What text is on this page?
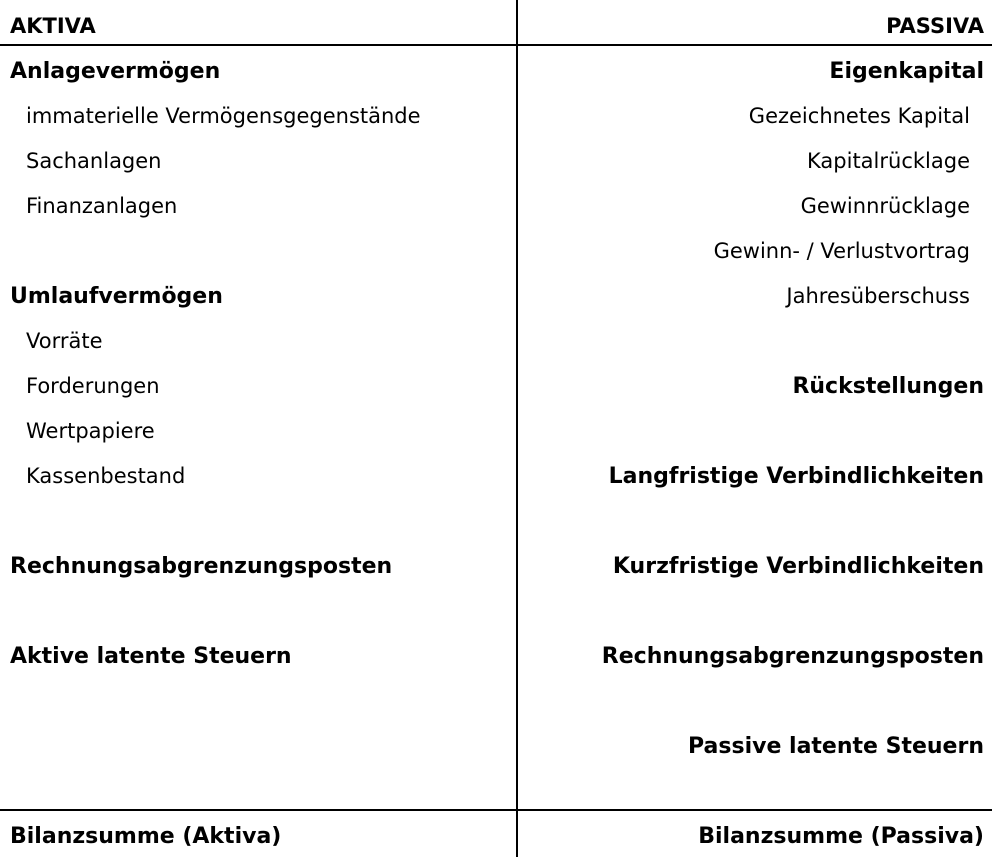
AKTIVA
Anlagevermögen
immaterielle Vermögensgegenstände
Sachanlagen
Finanzanlagen
Umlaufvermögen
Vorräte
Forderungen
Wertpapiere
Kassenbestand
Rechnungsabgrenzungsposten
Aktive latente Steuern
Bilanzsumme (Aktiva)
PASSIVA
Eigenkapital
Gezeichnetes Kapital
Kapitalrücklage
Gewinnrücklage
Gewinn- / Verlustvortrag
Jahresüberschuss
Rückstellungen
Langfristige Verbindlichkeiten
Kurzfristige Verbindlichkeiten
Rechnungsabgrenzungsposten
Passive latente Steuern
Bilanzsumme (Passiva)
